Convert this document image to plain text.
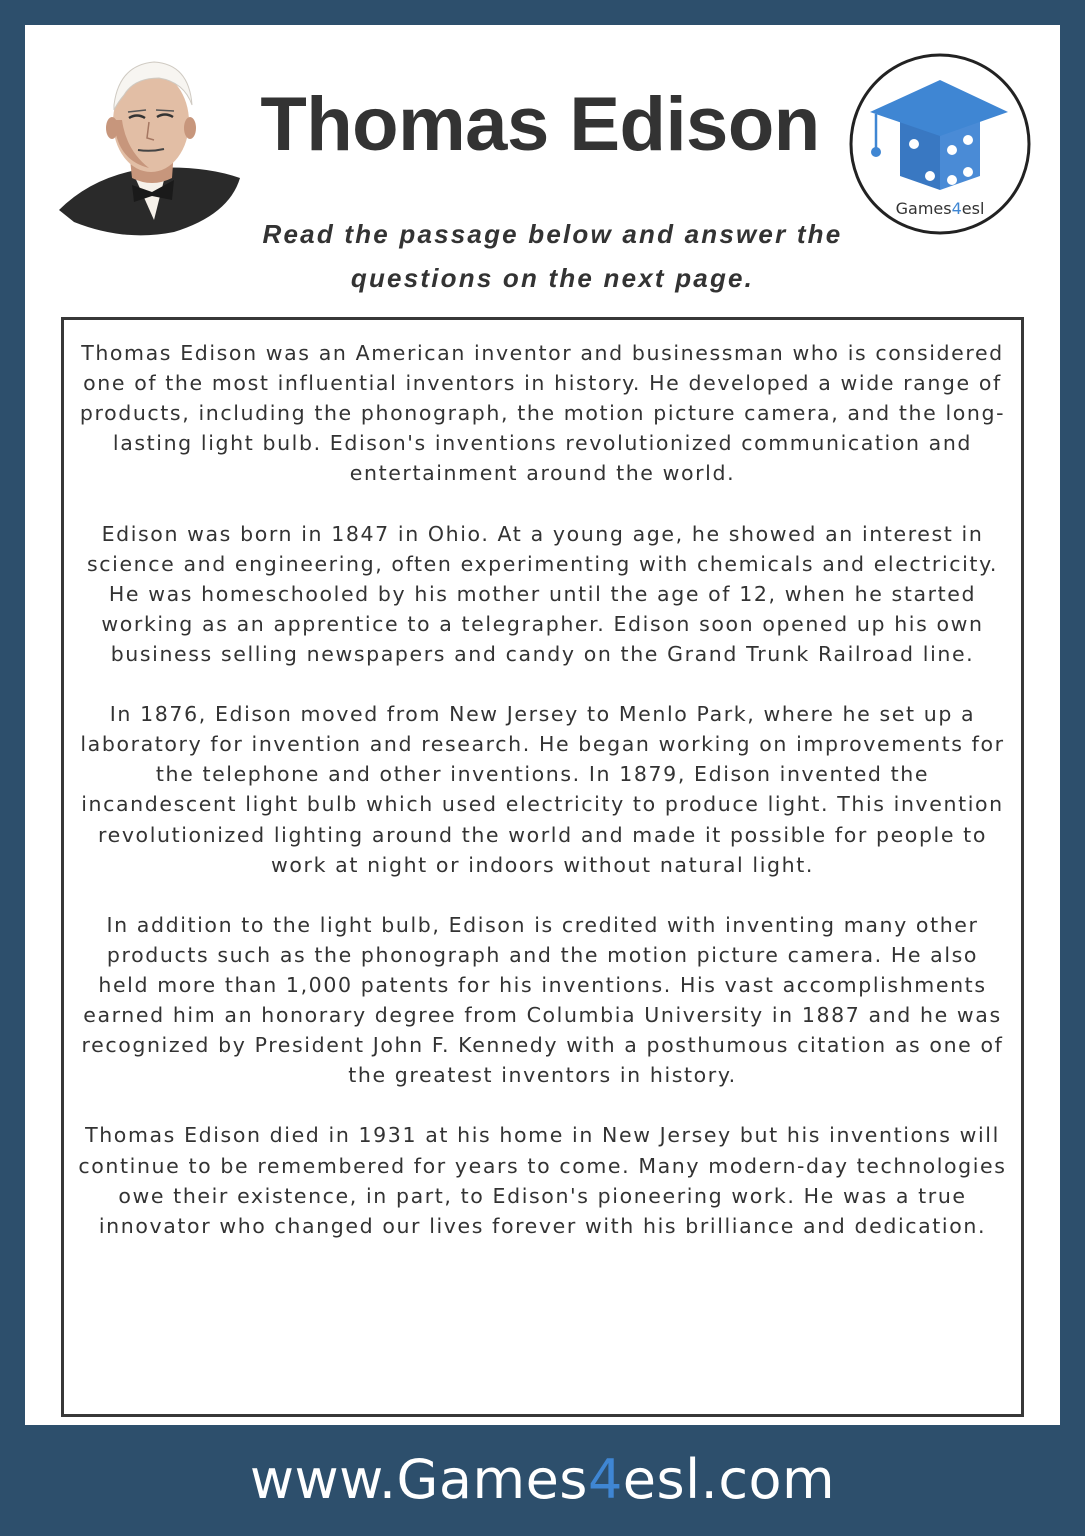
Thomas Edison
Games4esl
Read the passage below and answer the questions on the next page.

Thomas Edison was an American inventor and businessman who is considered one of the most influential inventors in history. He developed a wide range of products, including the phonograph, the motion picture camera, and the long-lasting light bulb. Edison's inventions revolutionized communication and entertainment around the world.

Edison was born in 1847 in Ohio. At a young age, he showed an interest in science and engineering, often experimenting with chemicals and electricity. He was homeschooled by his mother until the age of 12, when he started working as an apprentice to a telegrapher. Edison soon opened up his own business selling newspapers and candy on the Grand Trunk Railroad line.

In 1876, Edison moved from New Jersey to Menlo Park, where he set up a laboratory for invention and research. He began working on improvements for the telephone and other inventions. In 1879, Edison invented the incandescent light bulb which used electricity to produce light. This invention revolutionized lighting around the world and made it possible for people to work at night or indoors without natural light.

In addition to the light bulb, Edison is credited with inventing many other products such as the phonograph and the motion picture camera. He also held more than 1,000 patents for his inventions. His vast accomplishments earned him an honorary degree from Columbia University in 1887 and he was recognized by President John F. Kennedy with a posthumous citation as one of the greatest inventors in history.

Thomas Edison died in 1931 at his home in New Jersey but his inventions will continue to be remembered for years to come. Many modern-day technologies owe their existence, in part, to Edison's pioneering work. He was a true innovator who changed our lives forever with his brilliance and dedication.

www.Games4esl.com
